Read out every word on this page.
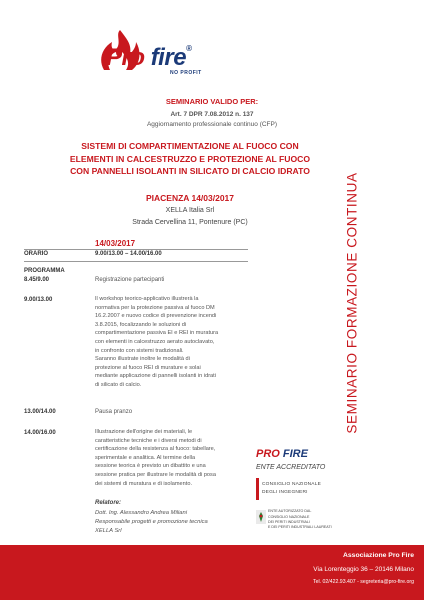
Pro fire®
NO PROFIT
SEMINARIO VALIDO PER:
Art. 7 DPR 7.08.2012 n. 137
Aggiornamento professionale continuo (CFP)
SISTEMI DI COMPARTIMENTAZIONE AL FUOCO CON
ELEMENTI IN CALCESTRUZZO E PROTEZIONE AL FUOCO
CON PANNELLI ISOLANTI IN SILICATO DI CALCIO IDRATO
PIACENZA 14/03/2017
XELLA Italia Srl
Strada Cervellina 11, Pontenure (PC)	SEMINARIO FORMAZIONE CONTINUA
14/03/2017
ORARIO	9.00/13.00 – 14.00/16.00
PROGRAMMA
8.45/9.00	Registrazione partecipanti
9.00/13.00	Il workshop teorico-applicativo illustrerà la
normativa per la protezione passiva al fuoco DM
16.2.2007 e nuovo codice di prevenzione incendi
3.8.2015, focalizzando le soluzioni di
compartimentazione passiva EI e REI in muratura
con elementi in calcestruzzo aerato autoclavato,
in confronto con sistemi tradizionali.
Saranno illustrate inoltre le modalità di
protezione al fuoco REI di murature e solai
mediante applicazione di pannelli isolanti in idrati
di silicato di calcio.
13.00/14.00	Pausa pranzo
14.00/16.00	Illustrazione dell'origine dei materiali, le
caratteristiche tecniche e i diversi metodi di
certificazione della resistenza al fuoco: tabellare,
sperimentale e analitica. Al termine della
sessione teorica è previsto un dibattito e una
sessione pratica per illustrare le modalità di posa
dei sistemi di muratura e di isolamento.
Relatore:
Dott. Ing. Alessandro Andrea Miliani
Responsabile progetti e promozione tecnica
XELLA Srl
PRO FIRE
ENTE ACCREDITATO
CONSIGLIO NAZIONALE
DEGLI INGEGNERI
ENTE AUTORIZZATO DAL
CONSIGLIO NAZIONALE
DEI PERITI INDUSTRIALI
E DEI PERITI INDUSTRIALI LAUREATI
Associazione Pro Fire
Via Lorenteggio 36 – 20146 Milano
Tel. 02/422.93.407 - segreteria@pro-fire.org
